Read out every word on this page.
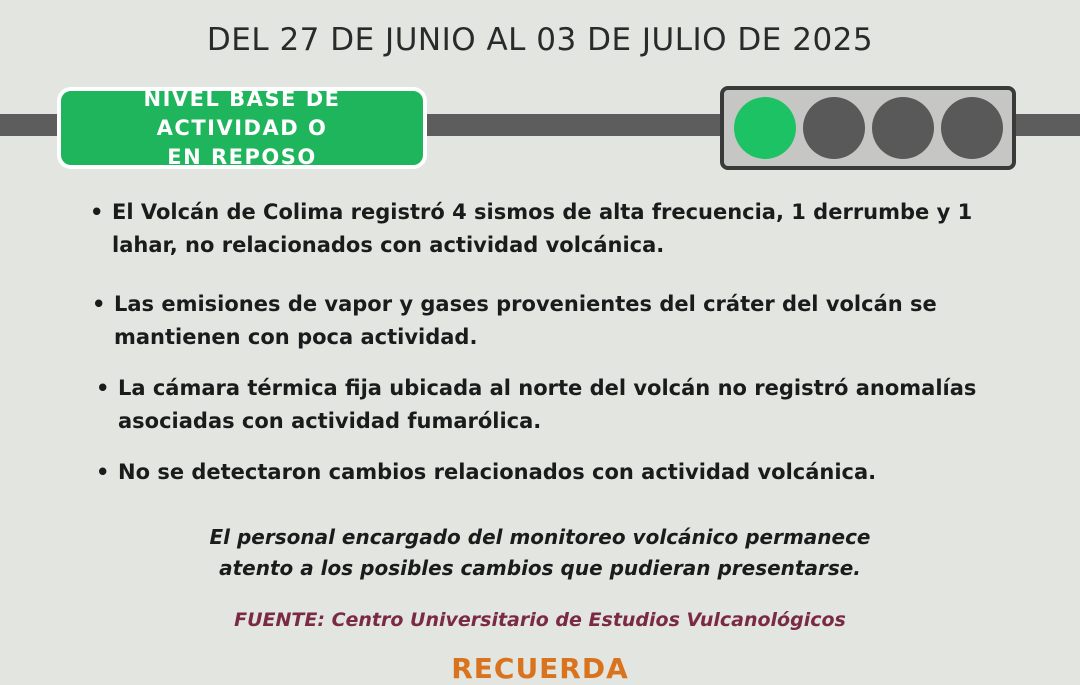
DEL 27 DE JUNIO AL 03 DE JULIO DE 2025
NIVEL BASE DE ACTIVIDAD O
EN REPOSO
• El Volcán de Colima registró 4 sismos de alta frecuencia, 1 derrumbe y 1 lahar, no relacionados con actividad volcánica.
• Las emisiones de vapor y gases provenientes del cráter del volcán se mantienen con poca actividad.
• La cámara térmica fija ubicada al norte del volcán no registró anomalías asociadas con actividad fumarólica.
• No se detectaron cambios relacionados con actividad volcánica.
El personal encargado del monitoreo volcánico permanece
atento a los posibles cambios que pudieran presentarse.
FUENTE: Centro Universitario de Estudios Vulcanológicos
RECUERDA
